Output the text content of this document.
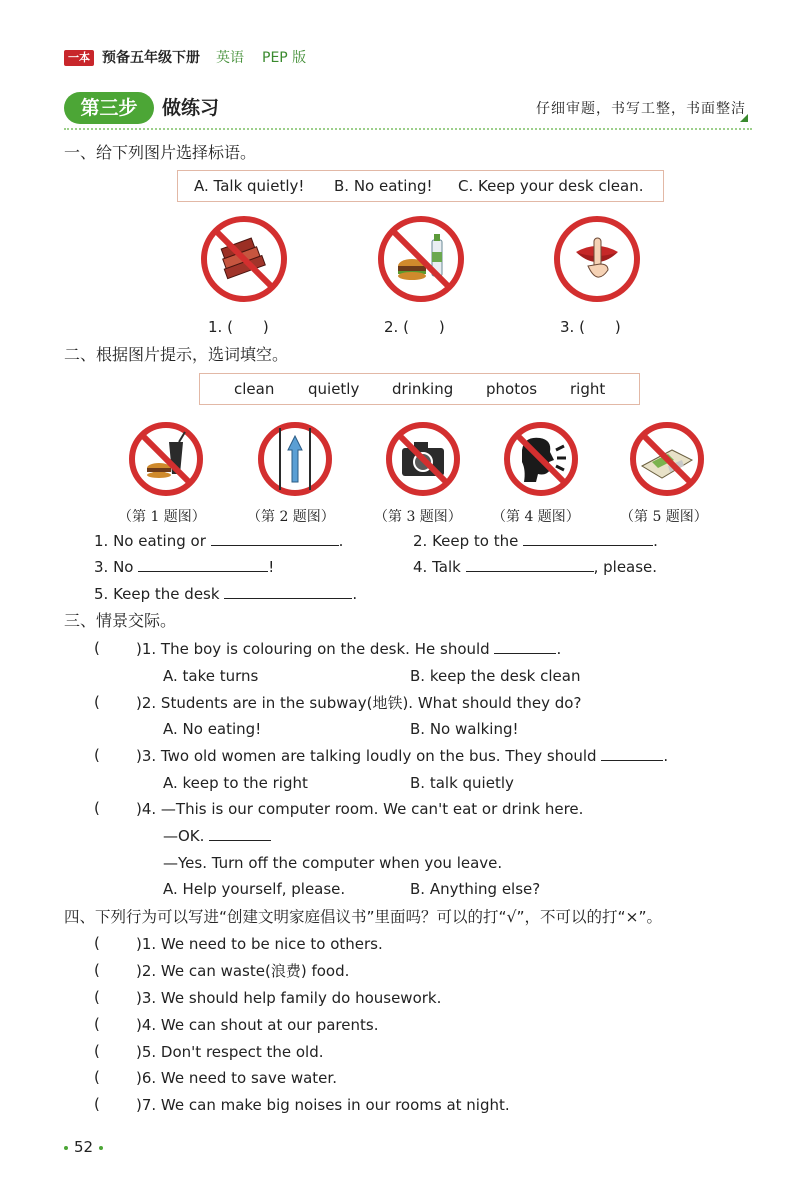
一本 预备五年级下册 英语 PEP 版
第三步	做练习	仔细审题，书写工整，书面整洁
一、给下列图片选择标语。
A. Talk quietly! B. No eating! C. Keep your desk clean.
1. (　　)	2. (　　)	3. (　　)
二、根据图片提示，选词填空。
clean quietly drinking photos right
（第 1 题图）	（第 2 题图）	（第 3 题图） （第 4 题图）	（第 5 题图）
1. No eating or	.	2. Keep to the	.
3. No	!	4. Talk	, please.
5. Keep the desk	.
三、情景交际。
( )1. The boy is colouring on the desk. He should	.
A. take turns	B. keep the desk clean
( )2. Students are in the subway(地铁). What should they do?
A. No eating!	B. No walking!
( )3. Two old women are talking loudly on the bus. They should	.
A. keep to the right	B. talk quietly
( )4. —This is our computer room. We can't eat or drink here.
—OK.
—Yes. Turn off the computer when you leave.
A. Help yourself, please.	B. Anything else?
四、下列行为可以写进“创建文明家庭倡议书”里面吗？可以的打“√”，不可以的打“×”。
( )1. We need to be nice to others.
( )2. We can waste(浪费) food.
( )3. We should help family do housework.
( )4. We can shout at our parents.
( )5. Don't respect the old.
( )6. We need to save water.
( )7. We can make big noises in our rooms at night.
52
